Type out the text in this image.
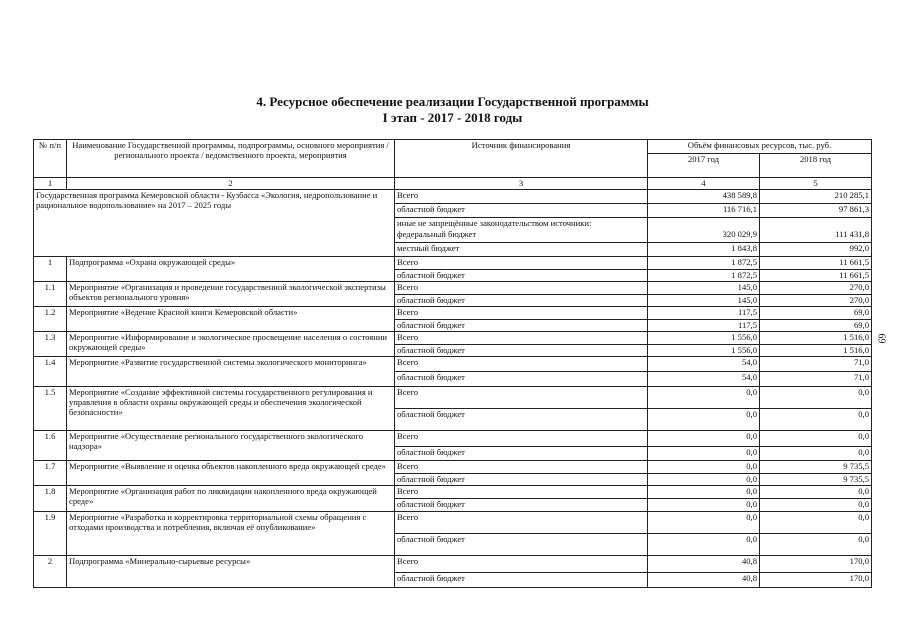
4. Ресурсное обеспечение реализации Государственной программы
I этап - 2017 - 2018 годы
69
№ п/п	Наименование Государственной программы, подпрограммы, основного мероприятия / регионального проекта / ведомственного проекта, мероприятия	Источник финансирования	Объём финансовых ресурсов, тыс. руб.	
			2017 год	2018 год
1	2	3	4	5
Государственная программа Кемеровской области - Кузбасса «Экология, недропользование и рациональное водопользование» на 2017 – 2025 годы		Всего	438 589,8	210 285,1
		областной бюджет	116 716,1	97 861,3
		иные не запрещённые законодательством источники:		
		федеральный бюджет	320 029,9	111 431,8
		местный бюджет	1 843,8	992,0
1	Подпрограмма «Охрана окружающей среды»	Всего	1 872,5	11 661,5
		областной бюджет	1 872,5	11 661,5
1.1	Мероприятие «Организация и проведение государственной экологической экспертизы объектов регионального уровня»	Всего	145,0	270,0
		областной бюджет	145,0	270,0
1.2	Мероприятие «Ведение Красной книги Кемеровской области»	Всего	117,5	69,0
		областной бюджет	117,5	69,0
1.3	Мероприятие «Информирование и экологическое просвещение населения о состоянии окружающей среды»	Всего	1 556,0	1 516,0
		областной бюджет	1 556,0	1 516,0
1.4	Мероприятие «Развитие государственной системы экологического мониторинга»	Всего	54,0	71,0
		областной бюджет	54,0	71,0
1.5	Мероприятие «Создание эффективной системы государственного регулирования и управления в области охраны окружающей среды и обеспечения экологической безопасности»	Всего	0,0	0,0
		областной бюджет	0,0	0,0
1.6	Мероприятие «Осуществление регионального государственного экологического надзора»	Всего	0,0	0,0
		областной бюджет	0,0	0,0
1.7	Мероприятие «Выявление и оценка объектов накопленного вреда окружающей среде»	Всего	0,0	9 735,5
		областной бюджет	0,0	9 735,5
1.8	Мероприятие «Организация работ по ликвидации накопленного вреда окружающей среде»	Всего	0,0	0,0
		областной бюджет	0,0	0,0
1.9	Мероприятие «Разработка и корректировка территориальной схемы обращения с отходами производства и потребления, включая её опубликование»	Всего	0,0	0,0
		областной бюджет	0,0	0,0
2	Подпрограмма «Минерально-сырьевые ресурсы»	Всего	40,8	170,0
		областной бюджет	40,8	170,0
